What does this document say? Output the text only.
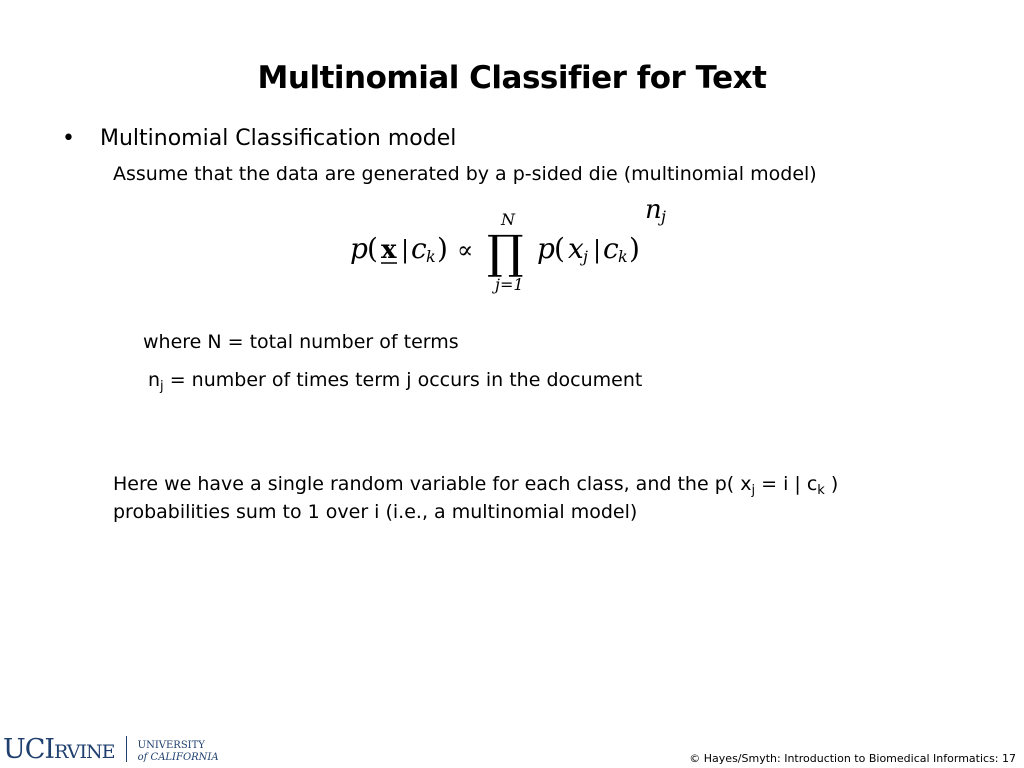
Multinomial Classifier for Text
• Multinomial Classification model
Assume that the data are generated by a p-sided die (multinomial model)
p ( x | c k ) ∝
N
∏
j=1
p ( x j | c k )
n j
where N = total number of terms
$n_j$ = number of times term j occurs in the document
Here we have a single random variable for each class, and the p( $x_j = i$ | $c_k$ )
probabilities sum to 1 over i (i.e., a multinomial model)
UCIRVINE UNIVERSITY
of CALIFORNIA	© Hayes/Smyth: Introduction to Biomedical Informatics: 17
